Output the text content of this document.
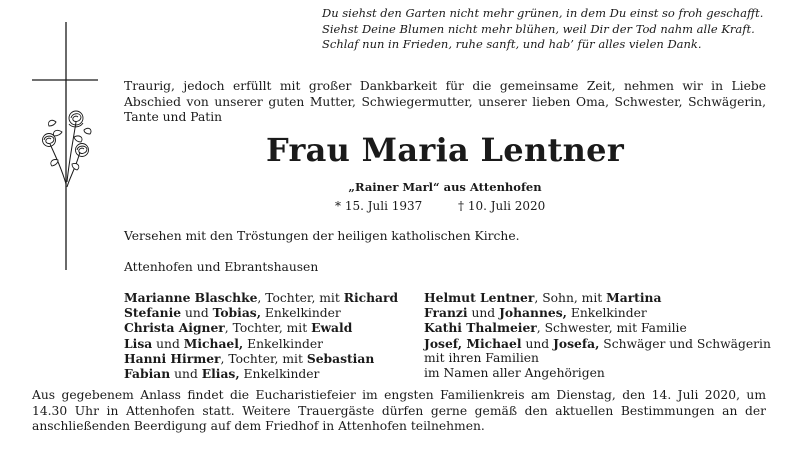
Du siehst den Garten nicht mehr grünen, in dem Du einst so froh geschafft.
Siehst Deine Blumen nicht mehr blühen, weil Dir der Tod nahm alle Kraft.
Schlaf nun in Frieden, ruhe sanft, und hab’ für alles vielen Dank.
Traurig, jedoch erfüllt mit großer Dankbarkeit für die gemeinsame Zeit, nehmen wir in Liebe Abschied von unserer guten Mutter, Schwiegermutter, unserer lieben Oma, Schwester, Schwägerin, Tante und Patin
Frau Maria Lentner
„Rainer Marl“ aus Attenhofen
* 15. Juli 1937	† 10. Juli 2020
Versehen mit den Tröstungen der heiligen katholischen Kirche.
Attenhofen und Ebrantshausen
Marianne Blaschke, Tochter, mit Richard
Stefanie und Tobias, Enkelkinder
Christa Aigner, Tochter, mit Ewald
Lisa und Michael, Enkelkinder
Hanni Hirmer, Tochter, mit Sebastian
Fabian und Elias, Enkelkinder
Helmut Lentner, Sohn, mit Martina
Franzi und Johannes, Enkelkinder
Kathi Thalmeier, Schwester, mit Familie
Josef, Michael und Josefa, Schwäger und Schwägerin
mit ihren Familien
im Namen aller Angehörigen
Aus gegebenem Anlass findet die Eucharistiefeier im engsten Familienkreis am Dienstag, den 14. Juli 2020, um 14.30 Uhr in Attenhofen statt. Weitere Trauergäste dürfen gerne gemäß den aktuellen Bestimmungen an der anschließenden Beerdigung auf dem Friedhof in Attenhofen teilnehmen.
